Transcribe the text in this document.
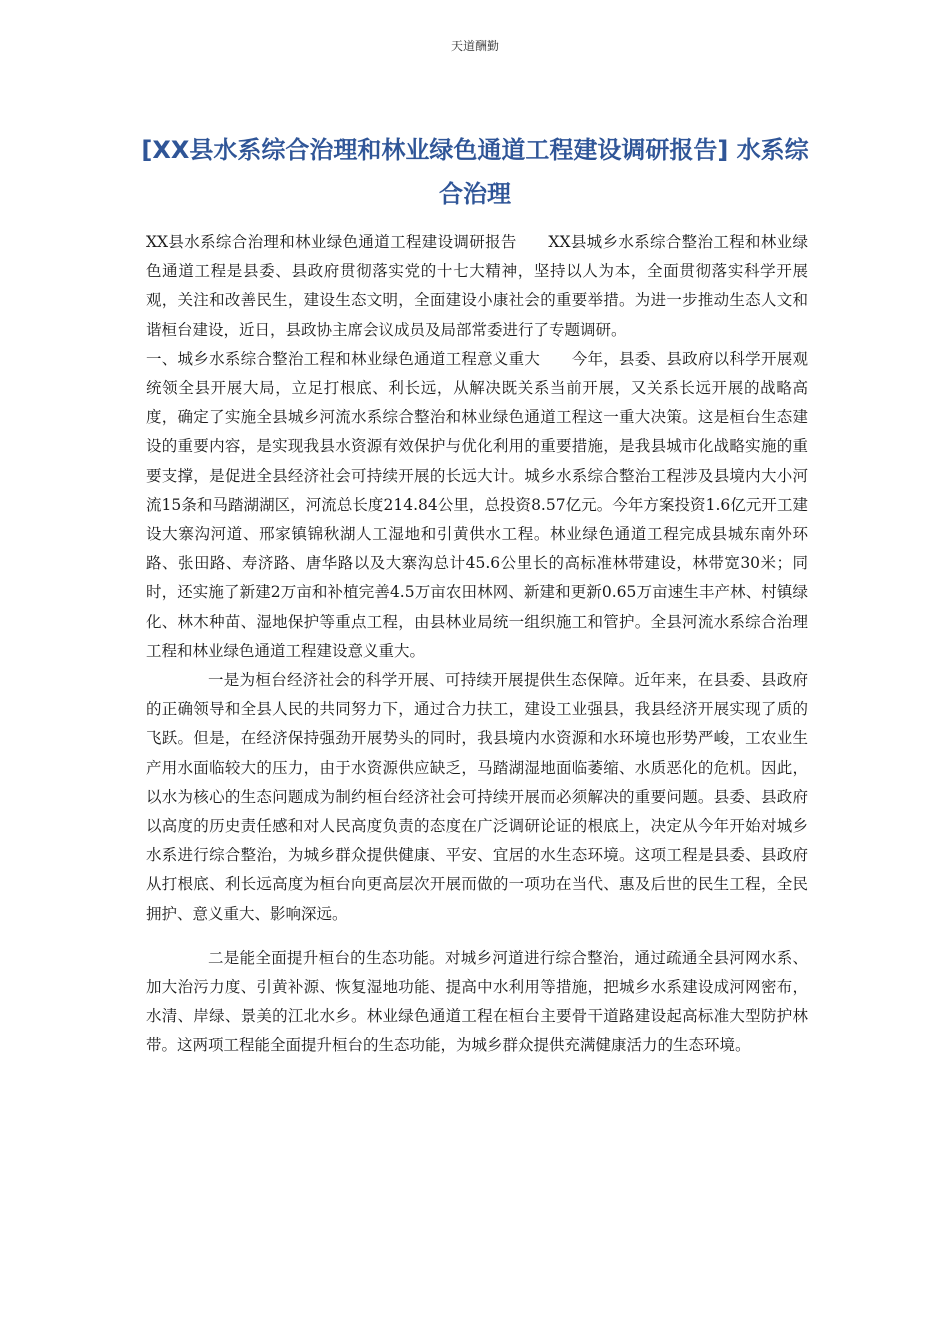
天道酬勤
[XX县水系综合治理和林业绿色通道工程建设调研报告] 水系综合治理

XX县水系综合治理和林业绿色通道工程建设调研报告　　XX县城乡水系综合整治工程和林业绿色通道工程是县委、县政府贯彻落实党的十七大精神，坚持以人为本，全面贯彻落实科学开展观，关注和改善民生，建设生态文明，全面建设小康社会的重要举措。为进一步推动生态人文和谐桓台建设，近日，县政协主席会议成员及局部常委进行了专题调研。

一、城乡水系综合整治工程和林业绿色通道工程意义重大　　今年，县委、县政府以科学开展观统领全县开展大局，立足打根底、利长远，从解决既关系当前开展，又关系长远开展的战略高度，确定了实施全县城乡河流水系综合整治和林业绿色通道工程这一重大决策。这是桓台生态建设的重要内容，是实现我县水资源有效保护与优化利用的重要措施，是我县城市化战略实施的重要支撑，是促进全县经济社会可持续开展的长远大计。城乡水系综合整治工程涉及县境内大小河流15条和马踏湖湖区，河流总长度214.84公里，总投资8.57亿元。今年方案投资1.6亿元开工建设大寨沟河道、邢家镇锦秋湖人工湿地和引黄供水工程。林业绿色通道工程完成县城东南外环路、张田路、寿济路、唐华路以及大寨沟总计45.6公里长的高标准林带建设，林带宽30米；同时，还实施了新建2万亩和补植完善4.5万亩农田林网、新建和更新0.65万亩速生丰产林、村镇绿化、林木种苗、湿地保护等重点工程，由县林业局统一组织施工和管护。全县河流水系综合治理工程和林业绿色通道工程建设意义重大。

一是为桓台经济社会的科学开展、可持续开展提供生态保障。近年来，在县委、县政府的正确领导和全县人民的共同努力下，通过合力扶工，建设工业强县，我县经济开展实现了质的飞跃。但是，在经济保持强劲开展势头的同时，我县境内水资源和水环境也形势严峻，工农业生产用水面临较大的压力，由于水资源供应缺乏，马踏湖湿地面临萎缩、水质恶化的危机。因此，以水为核心的生态问题成为制约桓台经济社会可持续开展而必须解决的重要问题。县委、县政府以高度的历史责任感和对人民高度负责的态度在广泛调研论证的根底上，决定从今年开始对城乡水系进行综合整治，为城乡群众提供健康、平安、宜居的水生态环境。这项工程是县委、县政府从打根底、利长远高度为桓台向更高层次开展而做的一项功在当代、惠及后世的民生工程，全民拥护、意义重大、影响深远。

二是能全面提升桓台的生态功能。对城乡河道进行综合整治，通过疏通全县河网水系、加大治污力度、引黄补源、恢复湿地功能、提高中水利用等措施，把城乡水系建设成河网密布，水清、岸绿、景美的江北水乡。林业绿色通道工程在桓台主要骨干道路建设起高标准大型防护林带。这两项工程能全面提升桓台的生态功能，为城乡群众提供充满健康活力的生态环境。
